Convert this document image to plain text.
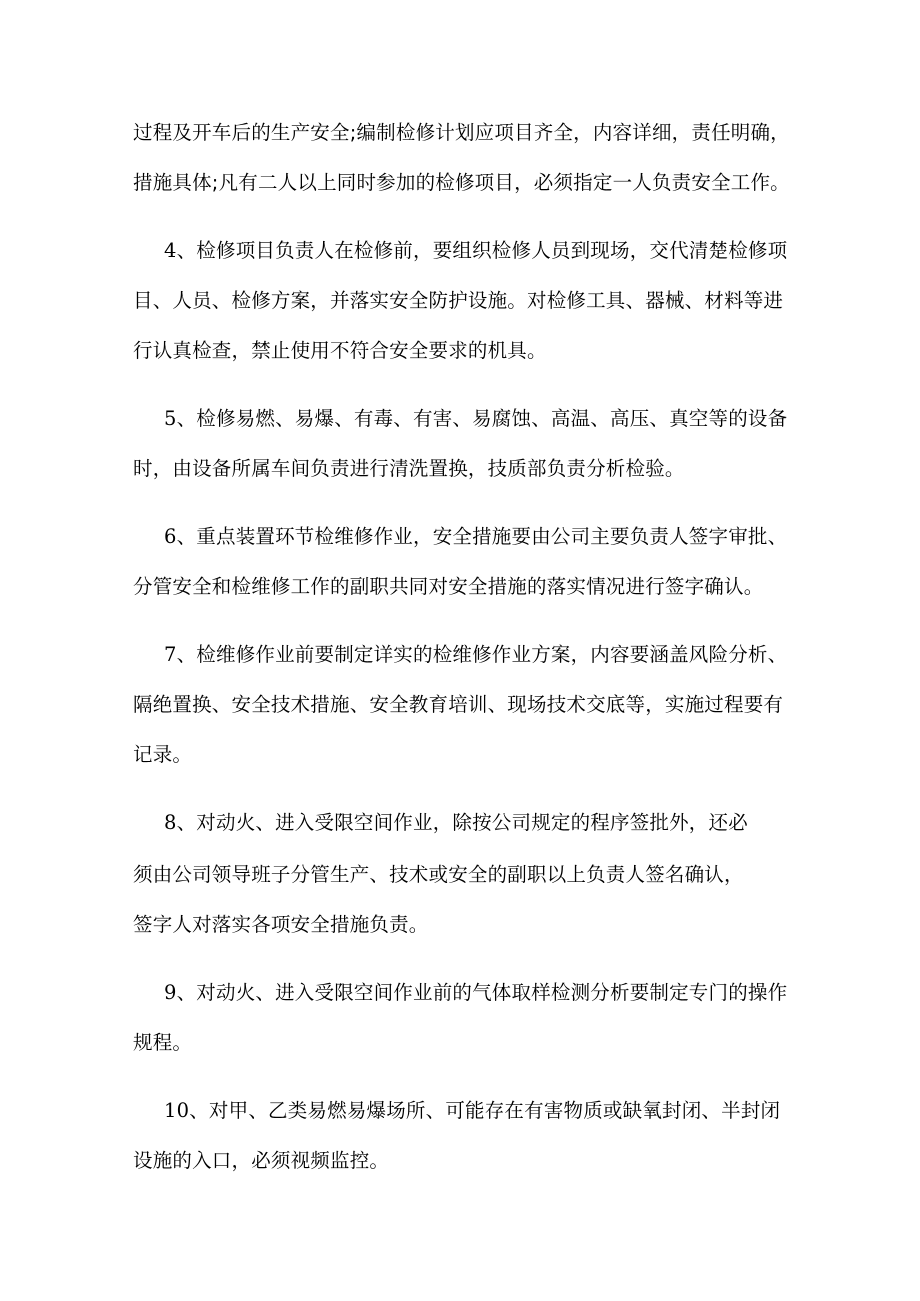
过程及开车后的生产安全;编制检修计划应项目齐全，内容详细，责任明确，
措施具体;凡有二人以上同时参加的检修项目，必须指定一人负责安全工作。
4、检修项目负责人在检修前，要组织检修人员到现场，交代清楚检修项
目、人员、检修方案，并落实安全防护设施。对检修工具、器械、材料等进
行认真检查，禁止使用不符合安全要求的机具。
5、检修易燃、易爆、有毒、有害、易腐蚀、高温、高压、真空等的设备
时，由设备所属车间负责进行清洗置换，技质部负责分析检验。
6、重点装置环节检维修作业，安全措施要由公司主要负责人签字审批、
分管安全和检维修工作的副职共同对安全措施的落实情况进行签字确认。
7、检维修作业前要制定详实的检维修作业方案，内容要涵盖风险分析、
隔绝置换、安全技术措施、安全教育培训、现场技术交底等，实施过程要有
记录。
8、对动火、进入受限空间作业，除按公司规定的程序签批外，还必
须由公司领导班子分管生产、技术或安全的副职以上负责人签名确认，
签字人对落实各项安全措施负责。
9、对动火、进入受限空间作业前的气体取样检测分析要制定专门的操作
规程。
10、对甲、乙类易燃易爆场所、可能存在有害物质或缺氧封闭、半封闭
设施的入口，必须视频监控。
